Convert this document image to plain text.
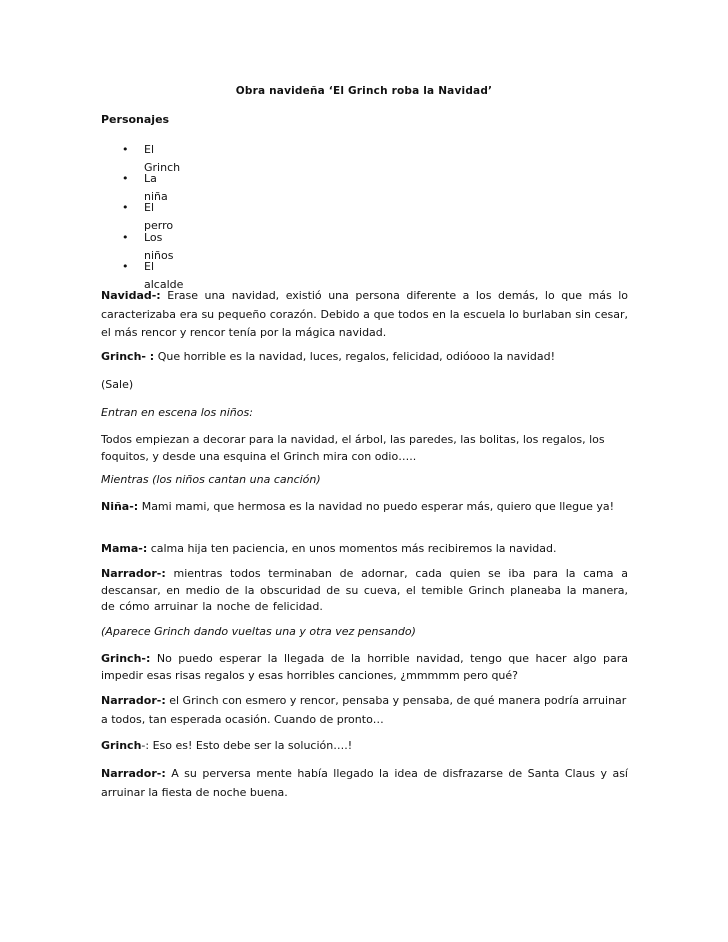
Obra navideña ‘El Grinch roba la Navidad’
Personajes
• El Grinch
• La niña
• El perro
• Los niños
• El alcalde

Navidad-: Erase una navidad, existió una persona diferente a los demás, lo que más lo caracterizaba era su pequeño corazón. Debido a que todos en la escuela lo burlaban sin cesar, el más rencor y rencor tenía por la mágica navidad.

Grinch- : Que horrible es la navidad, luces, regalos, felicidad, odióooo la navidad!

(Sale)

Entran en escena los niños:

Todos empiezan a decorar para la navidad, el árbol, las paredes, las bolitas, los regalos, los foquitos, y desde una esquina el Grinch mira con odio…..

Mientras (los niños cantan una canción)

Niña-: Mami mami, que hermosa es la navidad no puedo esperar más, quiero que llegue ya!

Mama-: calma hija ten paciencia, en unos momentos más recibiremos la navidad.

Narrador-: mientras todos terminaban de adornar, cada quien se iba para la cama a descansar, en medio de la obscuridad de su cueva, el temible Grinch planeaba la manera, de cómo arruinar la noche de felicidad.

(Aparece Grinch dando vueltas una y otra vez pensando)

Grinch-: No puedo esperar la llegada de la horrible navidad, tengo que hacer algo para impedir esas risas regalos y esas horribles canciones, ¿mmmmm pero qué?

Narrador-: el Grinch con esmero y rencor, pensaba y pensaba, de qué manera podría arruinar a todos, tan esperada ocasión. Cuando de pronto…

Grinch-: Eso es! Esto debe ser la solución….!

Narrador-: A su perversa mente había llegado la idea de disfrazarse de Santa Claus y así arruinar la fiesta de noche buena.
